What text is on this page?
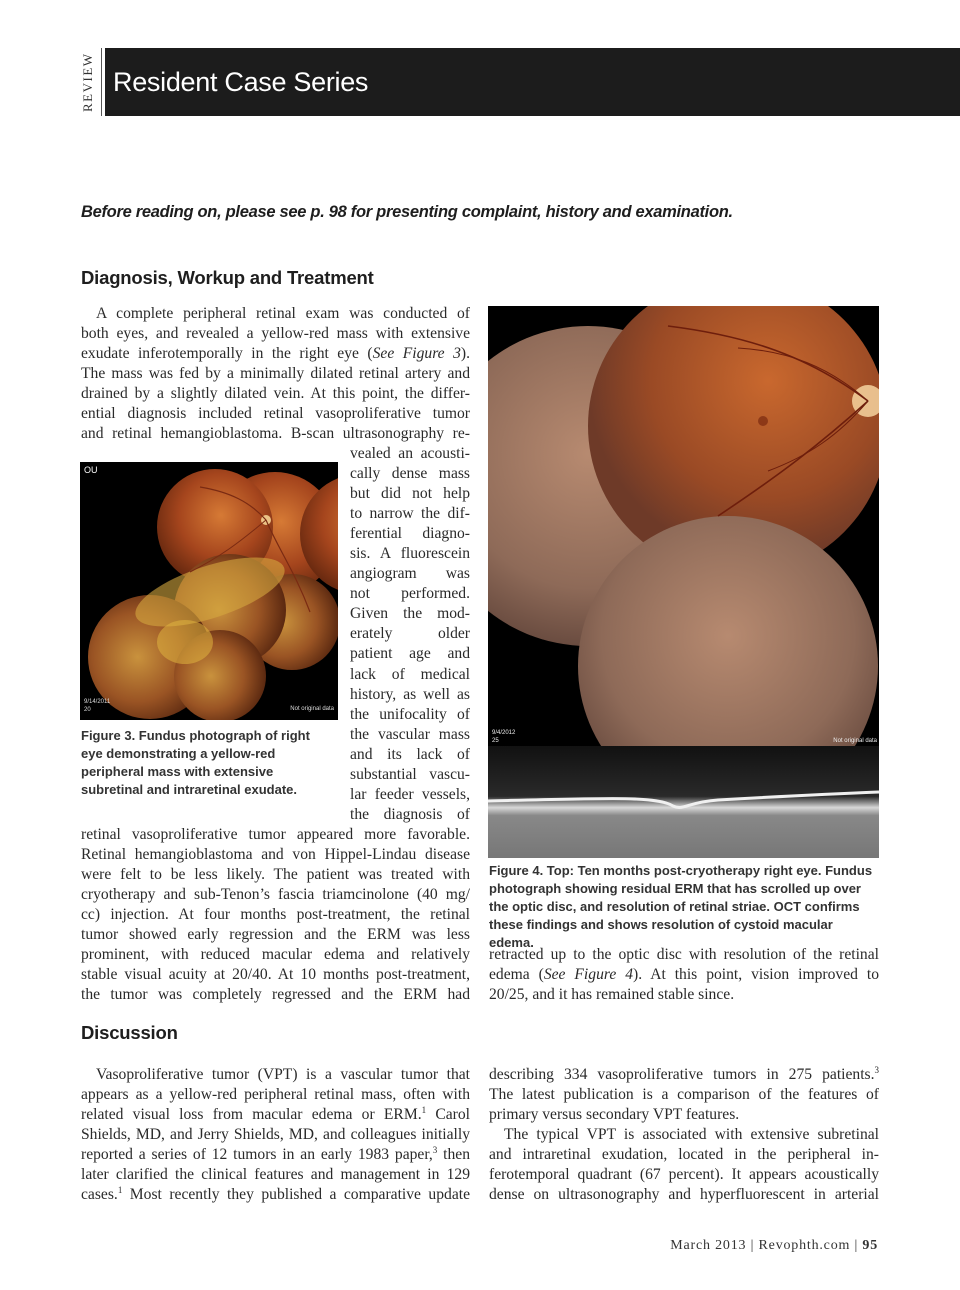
REVIEW Resident Case Series
Before reading on, please see p. 98 for presenting complaint, history and examination.
Diagnosis, Workup and Treatment
A complete peripheral retinal exam was conducted of
both eyes, and revealed a yellow-red mass with extensive
exudate inferotemporally in the right eye (See Figure 3).
The mass was fed by a minimally dilated retinal artery and
drained by a slightly dilated vein. At this point, the differ-
ential diagnosis included retinal vasoproliferative tumor
and retinal hemangioblastoma. B-scan ultrasonography re-
vealed an acousti-
cally dense mass
but did not help
to narrow the dif-
ferential diagno-
sis. A fluorescein
angiogram was
not performed.
Given the mod-
erately older
patient age and
lack of medical
history, as well as
the unifocality of
the vascular mass
and its lack of
substantial vascu-
lar feeder vessels,
the diagnosis of
OU
9/14/2011
20	Not original data
Figure 3. Fundus photograph of right eye demonstrating a yellow-red peripheral mass with extensive subretinal and intraretinal exudate.
retinal vasoproliferative tumor appeared more favorable.
Retinal hemangioblastoma and von Hippel-Lindau disease
were felt to be less likely. The patient was treated with
cryotherapy and sub-Tenon’s fascia triamcinolone (40 mg/
cc) injection. At four months post-treatment, the retinal
tumor showed early regression and the ERM was less
prominent, with reduced macular edema and relatively
stable visual acuity at 20/40. At 10 months post-treatment,
the tumor was completely regressed and the ERM had
9/4/2012
25	Not original data
Figure 4. Top: Ten months post-cryotherapy right eye. Fundus photograph showing residual ERM that has scrolled up over the optic disc, and resolution of retinal striae. OCT confirms these findings and shows resolution of cystoid macular edema.
retracted up to the optic disc with resolution of the retinal
edema (See Figure 4). At this point, vision improved to
20/25, and it has remained stable since.
Discussion
Vasoproliferative tumor (VPT) is a vascular tumor that
appears as a yellow-red peripheral retinal mass, often with
related visual loss from macular edema or ERM.$^1$ Carol
Shields, MD, and Jerry Shields, MD, and colleagues initially
reported a series of 12 tumors in an early 1983 paper,$^3$ then
later clarified the clinical features and management in 129
cases.$^1$ Most recently they published a comparative update
describing 334 vasoproliferative tumors in 275 patients.$^3$
The latest publication is a comparison of the features of
primary versus secondary VPT features.
The typical VPT is associated with extensive subretinal
and intraretinal exudation, located in the peripheral in-
ferotemporal quadrant (67 percent). It appears acoustically
dense on ultrasonography and hyperfluorescent in arterial
March 2013 | Revophth.com | 95
